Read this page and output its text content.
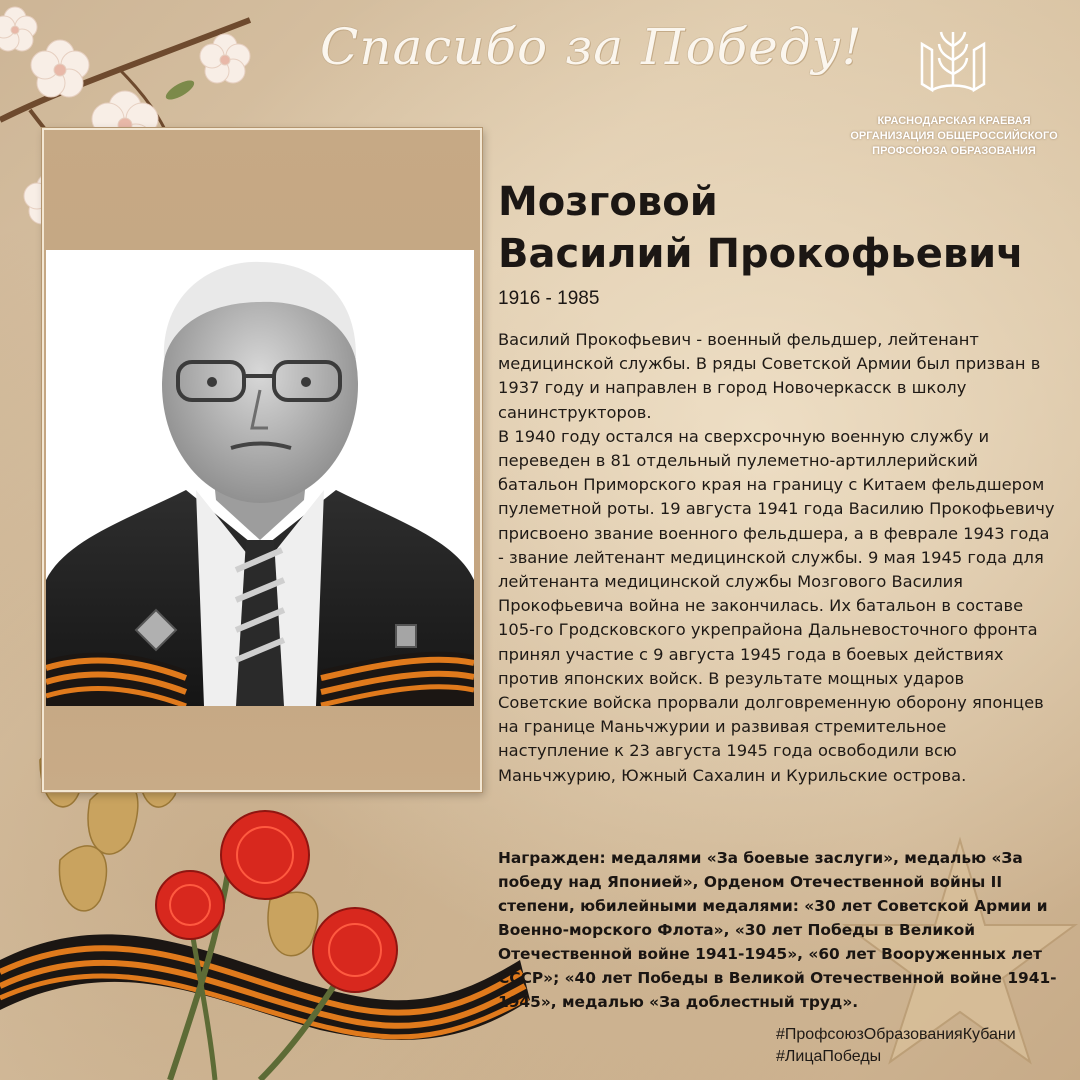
Спасибо за Победу!
КРАСНОДАРСКАЯ КРАЕВАЯ
ОРГАНИЗАЦИЯ ОБЩЕРОССИЙСКОГО
ПРОФСОЮЗА ОБРАЗОВАНИЯ
Мозговой
Василий Прокофьевич
1916 - 1985

Василий Прокофьевич - военный фельдшер, лейтенант медицинской службы. В ряды Советской Армии был призван в 1937 году и направлен в город Новочеркасск в школу санинструкторов.

В 1940 году остался на сверхсрочную военную службу и переведен в 81 отдельный пулеметно-артиллерийский батальон Приморского края на границу с Китаем фельдшером пулеметной роты. 19 августа 1941 года Василию Прокофьевичу присвоено звание военного фельдшера, а в феврале 1943 года - звание лейтенант медицинской службы. 9 мая 1945 года для лейтенанта медицинской службы Мозгового Василия Прокофьевича война не закончилась. Их батальон в составе 105-го Гродсковского укрепрайона Дальневосточного фронта принял участие с 9 августа 1945 года в боевых действиях против японских войск. В результате мощных ударов Советские войска прорвали долговременную оборону японцев на границе Маньчжурии и развивая стремительное наступление к 23 августа 1945 года освободили всю Маньчжурию, Южный Сахалин и Курильские острова.

Награжден: медалями «За боевые заслуги», медалью «За победу над Японией», Орденом Отечественной войны II степени, юбилейными медалями: «30 лет Советской Армии и Военно-морского Флота», «30 лет Победы в Великой Отечественной войне 1941-1945», «60 лет Вооруженных лет СССР»; «40 лет Победы в Великой Отечественной войне 1941-1945», медалью «За доблестный труд».
#ПрофсоюзОбразованияКубани
#ЛицаПобеды
